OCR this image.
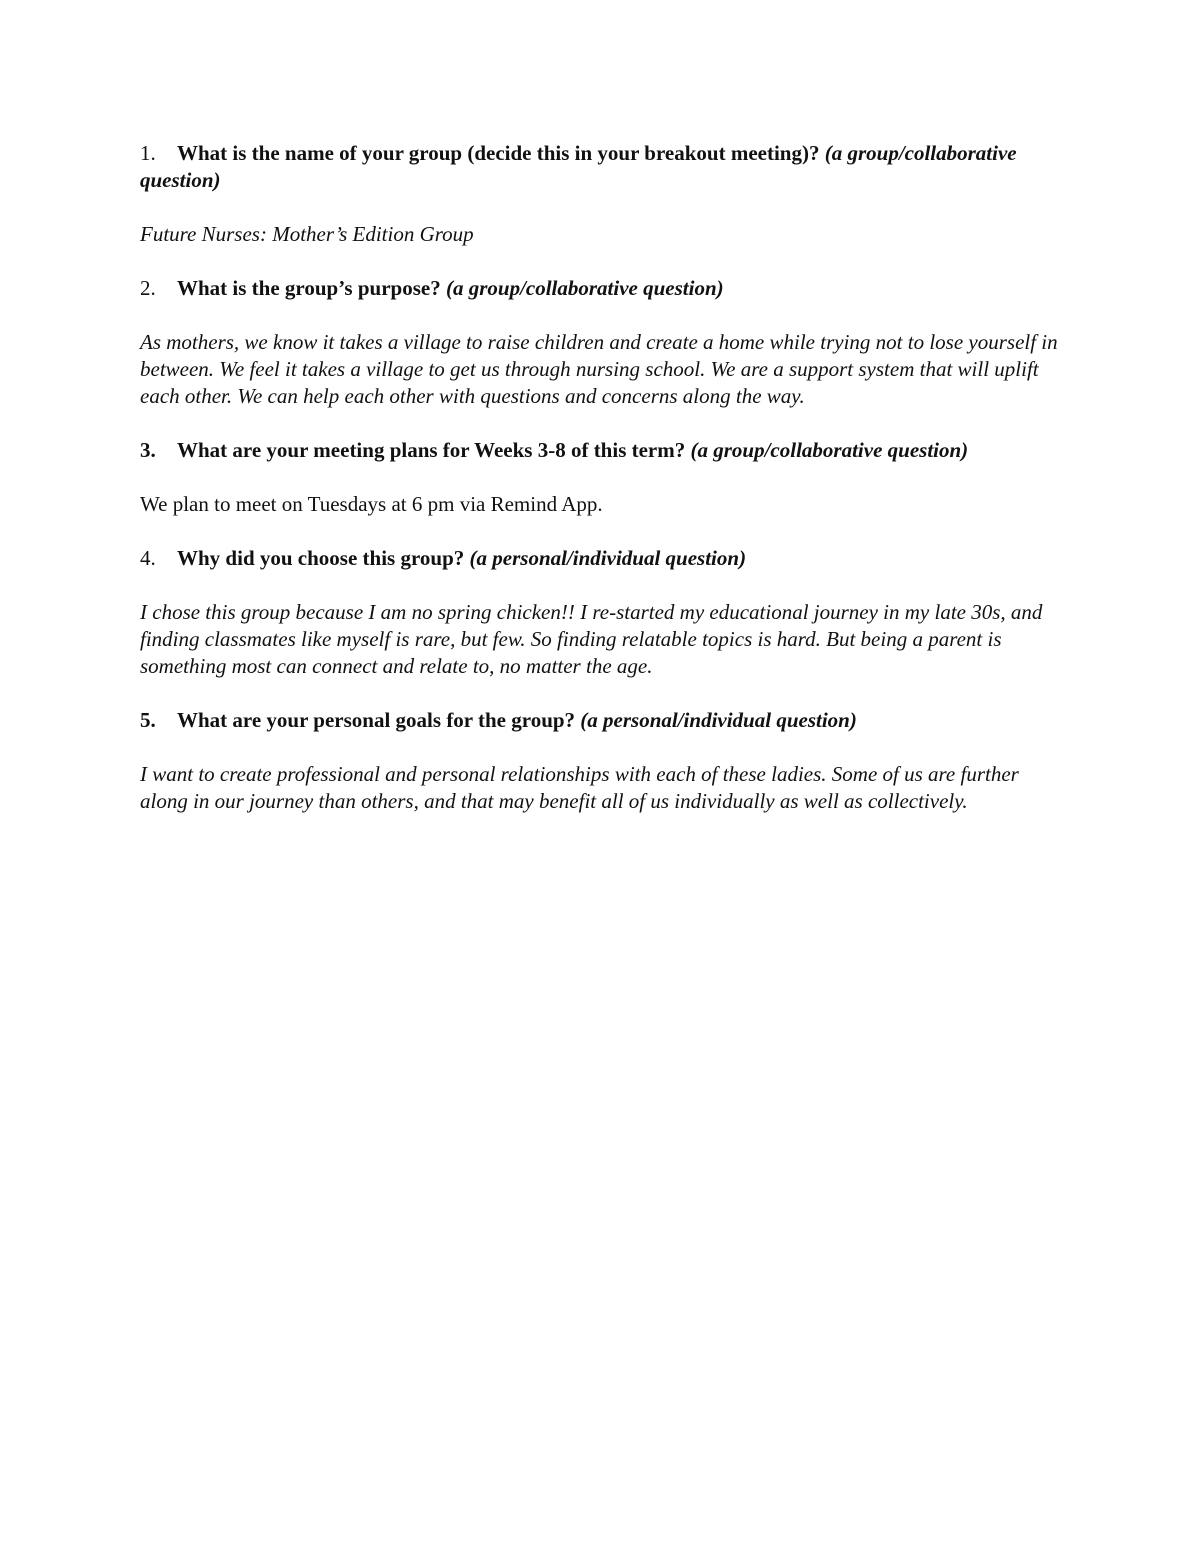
1. What is the name of your group (decide this in your breakout meeting)? (a group/collaborative question)

Future Nurses: Mother’s Edition Group

2. What is the group’s purpose? (a group/collaborative question)

As mothers, we know it takes a village to raise children and create a home while trying not to lose yourself in between. We feel it takes a village to get us through nursing school. We are a support system that will uplift each other. We can help each other with questions and concerns along the way.

3. What are your meeting plans for Weeks 3-8 of this term? (a group/collaborative question)

We plan to meet on Tuesdays at 6 pm via Remind App.

4. Why did you choose this group? (a personal/individual question)

I chose this group because I am no spring chicken!! I re-started my educational journey in my late 30s, and finding classmates like myself is rare, but few. So finding relatable topics is hard. But being a parent is something most can connect and relate to, no matter the age.

5. What are your personal goals for the group? (a personal/individual question)

I want to create professional and personal relationships with each of these ladies. Some of us are further along in our journey than others, and that may benefit all of us individually as well as collectively.
